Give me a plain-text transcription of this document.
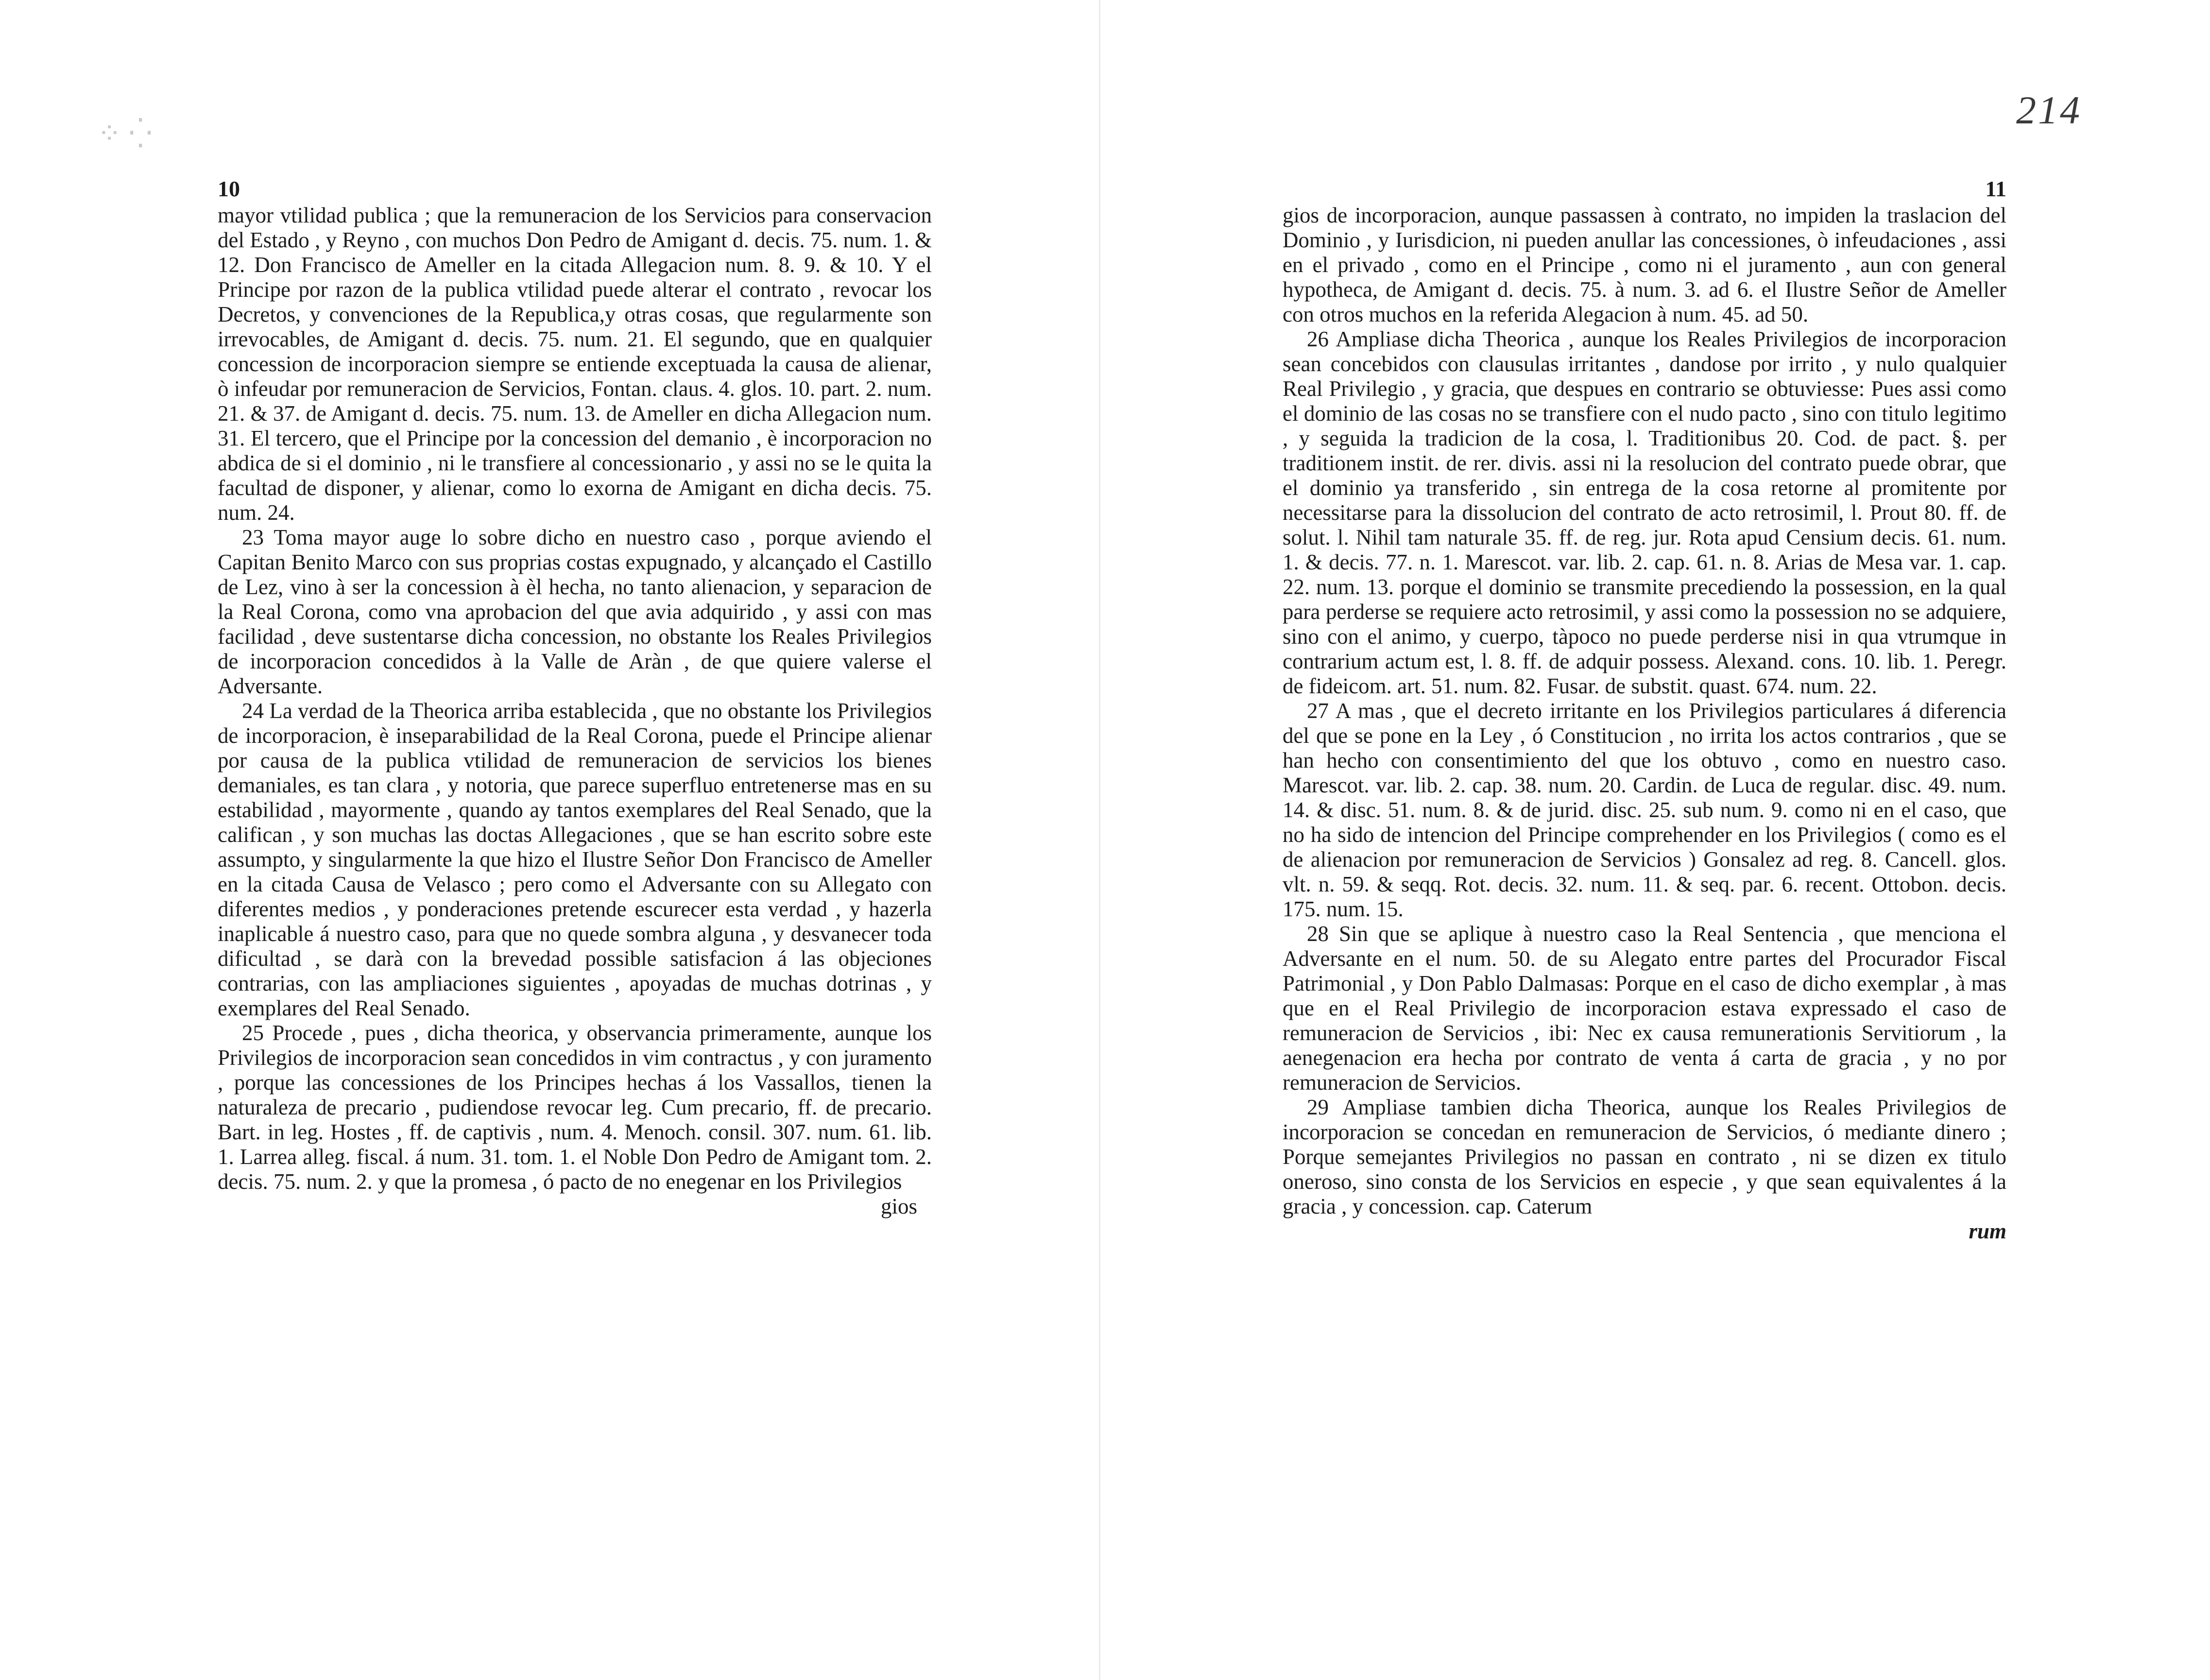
⁘ ⁛
214
10

mayor vtilidad publica ; que la remuneracion de los Servicios para conservacion del Estado , y Reyno , con muchos Don Pedro de Amigant d. decis. 75. num. 1. & 12. Don Francisco de Ameller en la citada Allegacion num. 8. 9. & 10. Y el Principe por razon de la publica vtilidad puede alterar el contrato , revocar los Decretos, y convenciones de la Republica,y otras cosas, que regularmente son irrevocables, de Amigant d. decis. 75. num. 21. El segundo, que en qualquier concession de incorporacion siempre se entiende exceptuada la causa de alienar, ò infeudar por remuneracion de Servicios, Fontan. claus. 4. glos. 10. part. 2. num. 21. & 37. de Amigant d. decis. 75. num. 13. de Ameller en dicha Allegacion num. 31. El tercero, que el Principe por la concession del demanio , è incorporacion no abdica de si el dominio , ni le transfiere al concessionario , y assi no se le quita la facultad de disponer, y alienar, como lo exorna de Amigant en dicha decis. 75. num. 24.

23 Toma mayor auge lo sobre dicho en nuestro caso , porque aviendo el Capitan Benito Marco con sus proprias costas expugnado, y alcançado el Castillo de Lez, vino à ser la concession à èl hecha, no tanto alienacion, y separacion de la Real Corona, como vna aprobacion del que avia adquirido , y assi con mas facilidad , deve sustentarse dicha concession, no obstante los Reales Privilegios de incorporacion concedidos à la Valle de Aràn , de que quiere valerse el Adversante.

24 La verdad de la Theorica arriba establecida , que no obstante los Privilegios de incorporacion, è inseparabilidad de la Real Corona, puede el Principe alienar por causa de la publica vtilidad de remuneracion de servicios los bienes demaniales, es tan clara , y notoria, que parece superfluo entretenerse mas en su estabilidad , mayormente , quando ay tantos exemplares del Real Senado, que la califican , y son muchas las doctas Allegaciones , que se han escrito sobre este assumpto, y singularmente la que hizo el Ilustre Señor Don Francisco de Ameller en la citada Causa de Velasco ; pero como el Adversante con su Allegato con diferentes medios , y ponderaciones pretende escurecer esta verdad , y hazerla inaplicable á nuestro caso, para que no quede sombra alguna , y desvanecer toda dificultad , se darà con la brevedad possible satisfacion á las objeciones contrarias, con las ampliaciones siguientes , apoyadas de muchas dotrinas , y exemplares del Real Senado.

25 Procede , pues , dicha theorica, y observancia primeramente, aunque los Privilegios de incorporacion sean concedidos in vim contractus , y con juramento , porque las concessiones de los Principes hechas á los Vassallos, tienen la naturaleza de precario , pudiendose revocar leg. Cum precario, ff. de precario. Bart. in leg. Hostes , ff. de captivis , num. 4. Menoch. consil. 307. num. 61. lib. 1. Larrea alleg. fiscal. á num. 31. tom. 1. el Noble Don Pedro de Amigant tom. 2. decis. 75. num. 2. y que la promesa , ó pacto de no enegenar en los Privilegios

gios
11

gios de incorporacion, aunque passassen à contrato, no impiden la traslacion del Dominio , y Iurisdicion, ni pueden anullar las concessiones, ò infeudaciones , assi en el privado , como en el Principe , como ni el juramento , aun con general hypotheca, de Amigant d. decis. 75. à num. 3. ad 6. el Ilustre Señor de Ameller con otros muchos en la referida Alegacion à num. 45. ad 50.

26 Ampliase dicha Theorica , aunque los Reales Privilegios de incorporacion sean concebidos con clausulas irritantes , dandose por irrito , y nulo qualquier Real Privilegio , y gracia, que despues en contrario se obtuviesse: Pues assi como el dominio de las cosas no se transfiere con el nudo pacto , sino con titulo legitimo , y seguida la tradicion de la cosa, l. Traditionibus 20. Cod. de pact. §. per traditionem instit. de rer. divis. assi ni la resolucion del contrato puede obrar, que el dominio ya transferido , sin entrega de la cosa retorne al promitente por necessitarse para la dissolucion del contrato de acto retrosimil, l. Prout 80. ff. de solut. l. Nihil tam naturale 35. ff. de reg. jur. Rota apud Censium decis. 61. num. 1. & decis. 77. n. 1. Marescot. var. lib. 2. cap. 61. n. 8. Arias de Mesa var. 1. cap. 22. num. 13. porque el dominio se transmite precediendo la possession, en la qual para perderse se requiere acto retrosimil, y assi como la possession no se adquiere, sino con el animo, y cuerpo, tàpoco no puede perderse nisi in qua vtrumque in contrarium actum est, l. 8. ff. de adquir possess. Alexand. cons. 10. lib. 1. Peregr. de fideicom. art. 51. num. 82. Fusar. de substit. quast. 674. num. 22.

27 A mas , que el decreto irritante en los Privilegios particulares á diferencia del que se pone en la Ley , ó Constitucion , no irrita los actos contrarios , que se han hecho con consentimiento del que los obtuvo , como en nuestro caso. Marescot. var. lib. 2. cap. 38. num. 20. Cardin. de Luca de regular. disc. 49. num. 14. & disc. 51. num. 8. & de jurid. disc. 25. sub num. 9. como ni en el caso, que no ha sido de intencion del Principe comprehender en los Privilegios ( como es el de alienacion por remuneracion de Servicios ) Gonsalez ad reg. 8. Cancell. glos. vlt. n. 59. & seqq. Rot. decis. 32. num. 11. & seq. par. 6. recent. Ottobon. decis. 175. num. 15.

28 Sin que se aplique à nuestro caso la Real Sentencia , que menciona el Adversante en el num. 50. de su Alegato entre partes del Procurador Fiscal Patrimonial , y Don Pablo Dalmasas: Porque en el caso de dicho exemplar , à mas que en el Real Privilegio de incorporacion estava expressado el caso de remuneracion de Servicios , ibi: Nec ex causa remunerationis Servitiorum , la aenegenacion era hecha por contrato de venta á carta de gracia , y no por remuneracion de Servicios.

29 Ampliase tambien dicha Theorica, aunque los Reales Privilegios de incorporacion se concedan en remuneracion de Servicios, ó mediante dinero ; Porque semejantes Privilegios no passan en contrato , ni se dizen ex titulo oneroso, sino consta de los Servicios en especie , y que sean equivalentes á la gracia , y concession. cap. Caterum

rum
